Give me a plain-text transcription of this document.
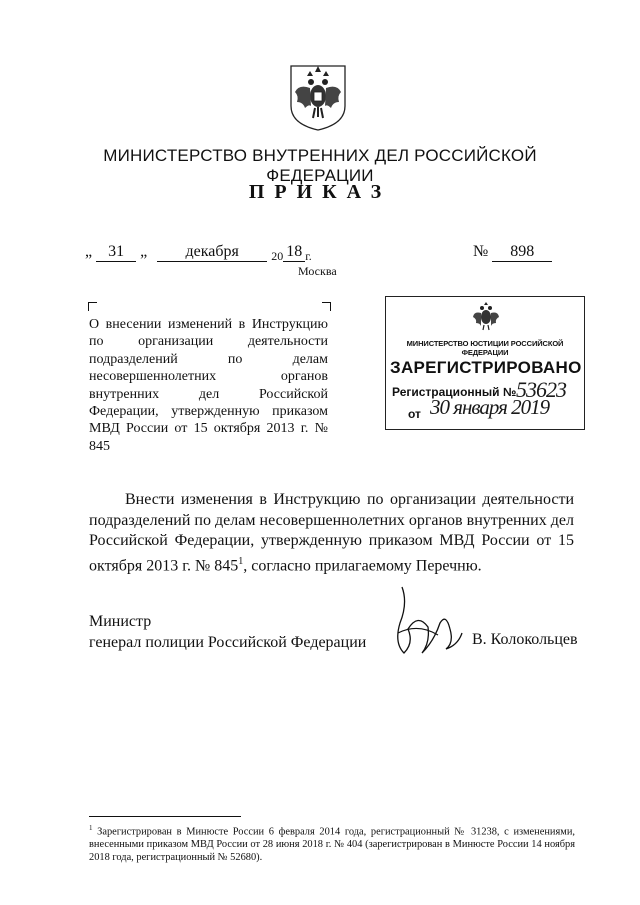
МИНИСТЕРСТВО ВНУТРЕННИХ ДЕЛ РОССИЙСКОЙ ФЕДЕРАЦИИ
ПРИКАЗ
„ 31 „ декабря	20 18 г.
Москва
№ 898
О внесении изменений в Инструкцию по организации деятельности подразделений по делам несовершеннолетних органов внутренних дел Российской Федерации, утвержденную приказом МВД России от 15 октября 2013 г. № 845
МИНИСТЕРСТВО ЮСТИЦИИ РОССИЙСКОЙ ФЕДЕРАЦИИ
ЗАРЕГИСТРИРОВАНО
Регистрационный № 53623
от 30 января 2019
Внести изменения в Инструкцию по организации деятельности подразделений по делам несовершеннолетних органов внутренних дел Российской Федерации, утвержденную приказом МВД России от 15 октября 2013 г. № $845^1$, согласно прилагаемому Перечню.
Министр
генерал полиции Российской Федерации	В. Колокольцев
$^1$ Зарегистрирован в Минюсте России 6 февраля 2014 года, регистрационный № 31238, с изменениями, внесенными приказом МВД России от 28 июня 2018 г. № 404 (зарегистрирован в Минюсте России 14 ноября 2018 года, регистрационный № 52680).
